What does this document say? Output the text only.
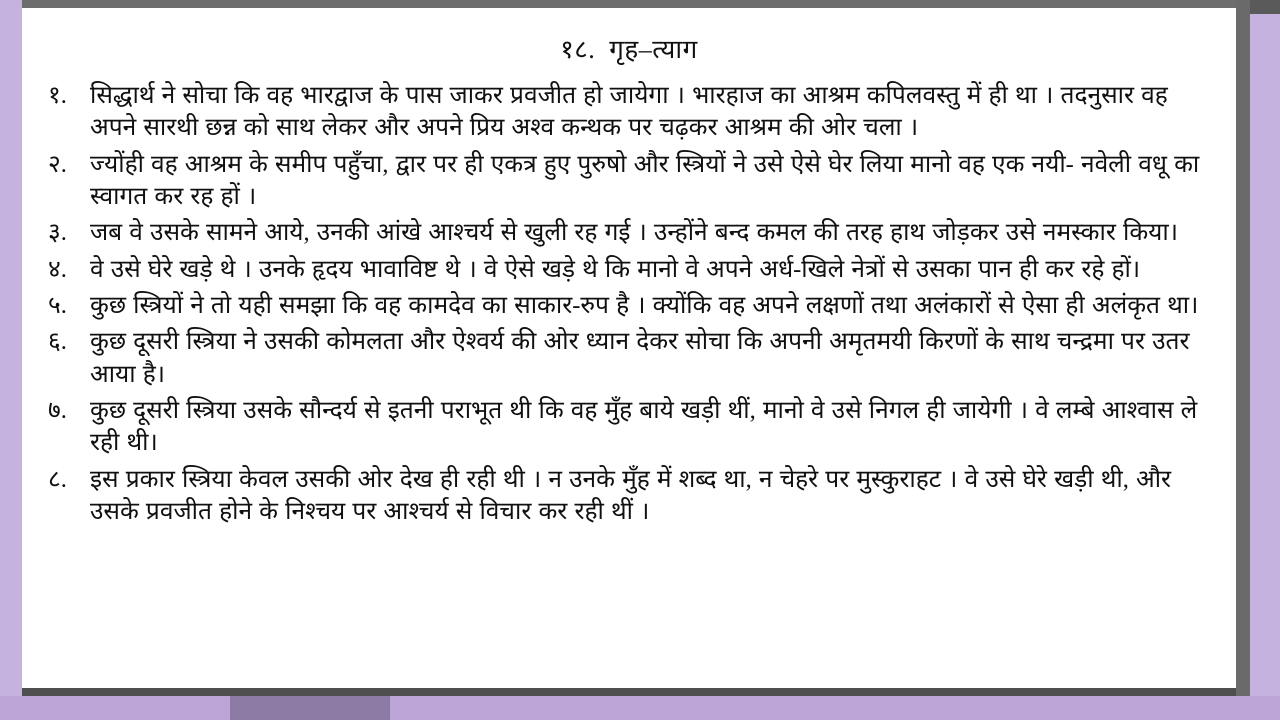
१८.  गृह–त्याग
१. सिद्धार्थ ने सोचा कि वह भारद्वाज के पास जाकर प्रवजीत हो जायेगा । भारहाज का आश्रम कपिलवस्तु में ही था । तदनुसार वह अपने सारथी छन्न को साथ लेकर और अपने प्रिय अश्व कन्थक पर चढ़कर आश्रम की ओर चला ।
२. ज्योंही वह आश्रम के समीप पहुँचा, द्वार पर ही एकत्र हुए पुरुषो और स्त्रियों ने उसे ऐसे घेर लिया मानो वह एक नयी- नवेली वधू का स्वागत कर रह हों ।
३. जब वे उसके सामने आये, उनकी आंखे आश्चर्य से खुली रह गई । उन्होंने बन्द कमल की तरह हाथ जोड़कर उसे नमस्कार किया।
४. वे उसे घेरे खड़े थे । उनके हृदय भावाविष्ट थे । वे ऐसे खड़े थे कि मानो वे अपने अर्ध-खिले नेत्रों से उसका पान ही कर रहे हों।
५. कुछ स्त्रियों ने तो यही समझा कि वह कामदेव का साकार-रुप है । क्योंकि वह अपने लक्षणों तथा अलंकारों से ऐसा ही अलंकृत था।
६. कुछ दूसरी स्त्रिया ने उसकी कोमलता और ऐश्वर्य की ओर ध्यान देकर सोचा कि अपनी अमृतमयी किरणों के साथ चन्द्रमा पर उतर आया है।
७. कुछ दूसरी स्त्रिया उसके सौन्दर्य से इतनी पराभूत थी कि वह मुँह बाये खड़ी थीं, मानो वे उसे निगल ही जायेगी । वे लम्बे आश्वास ले रही थी।
८. इस प्रकार स्त्रिया केवल उसकी ओर देख ही रही थी । न उनके मुँह में शब्द था, न चेहरे पर मुस्कुराहट । वे उसे घेरे खड़ी थी, और उसके प्रवजीत होने के निश्चय पर आश्चर्य से विचार कर रही थीं ।
